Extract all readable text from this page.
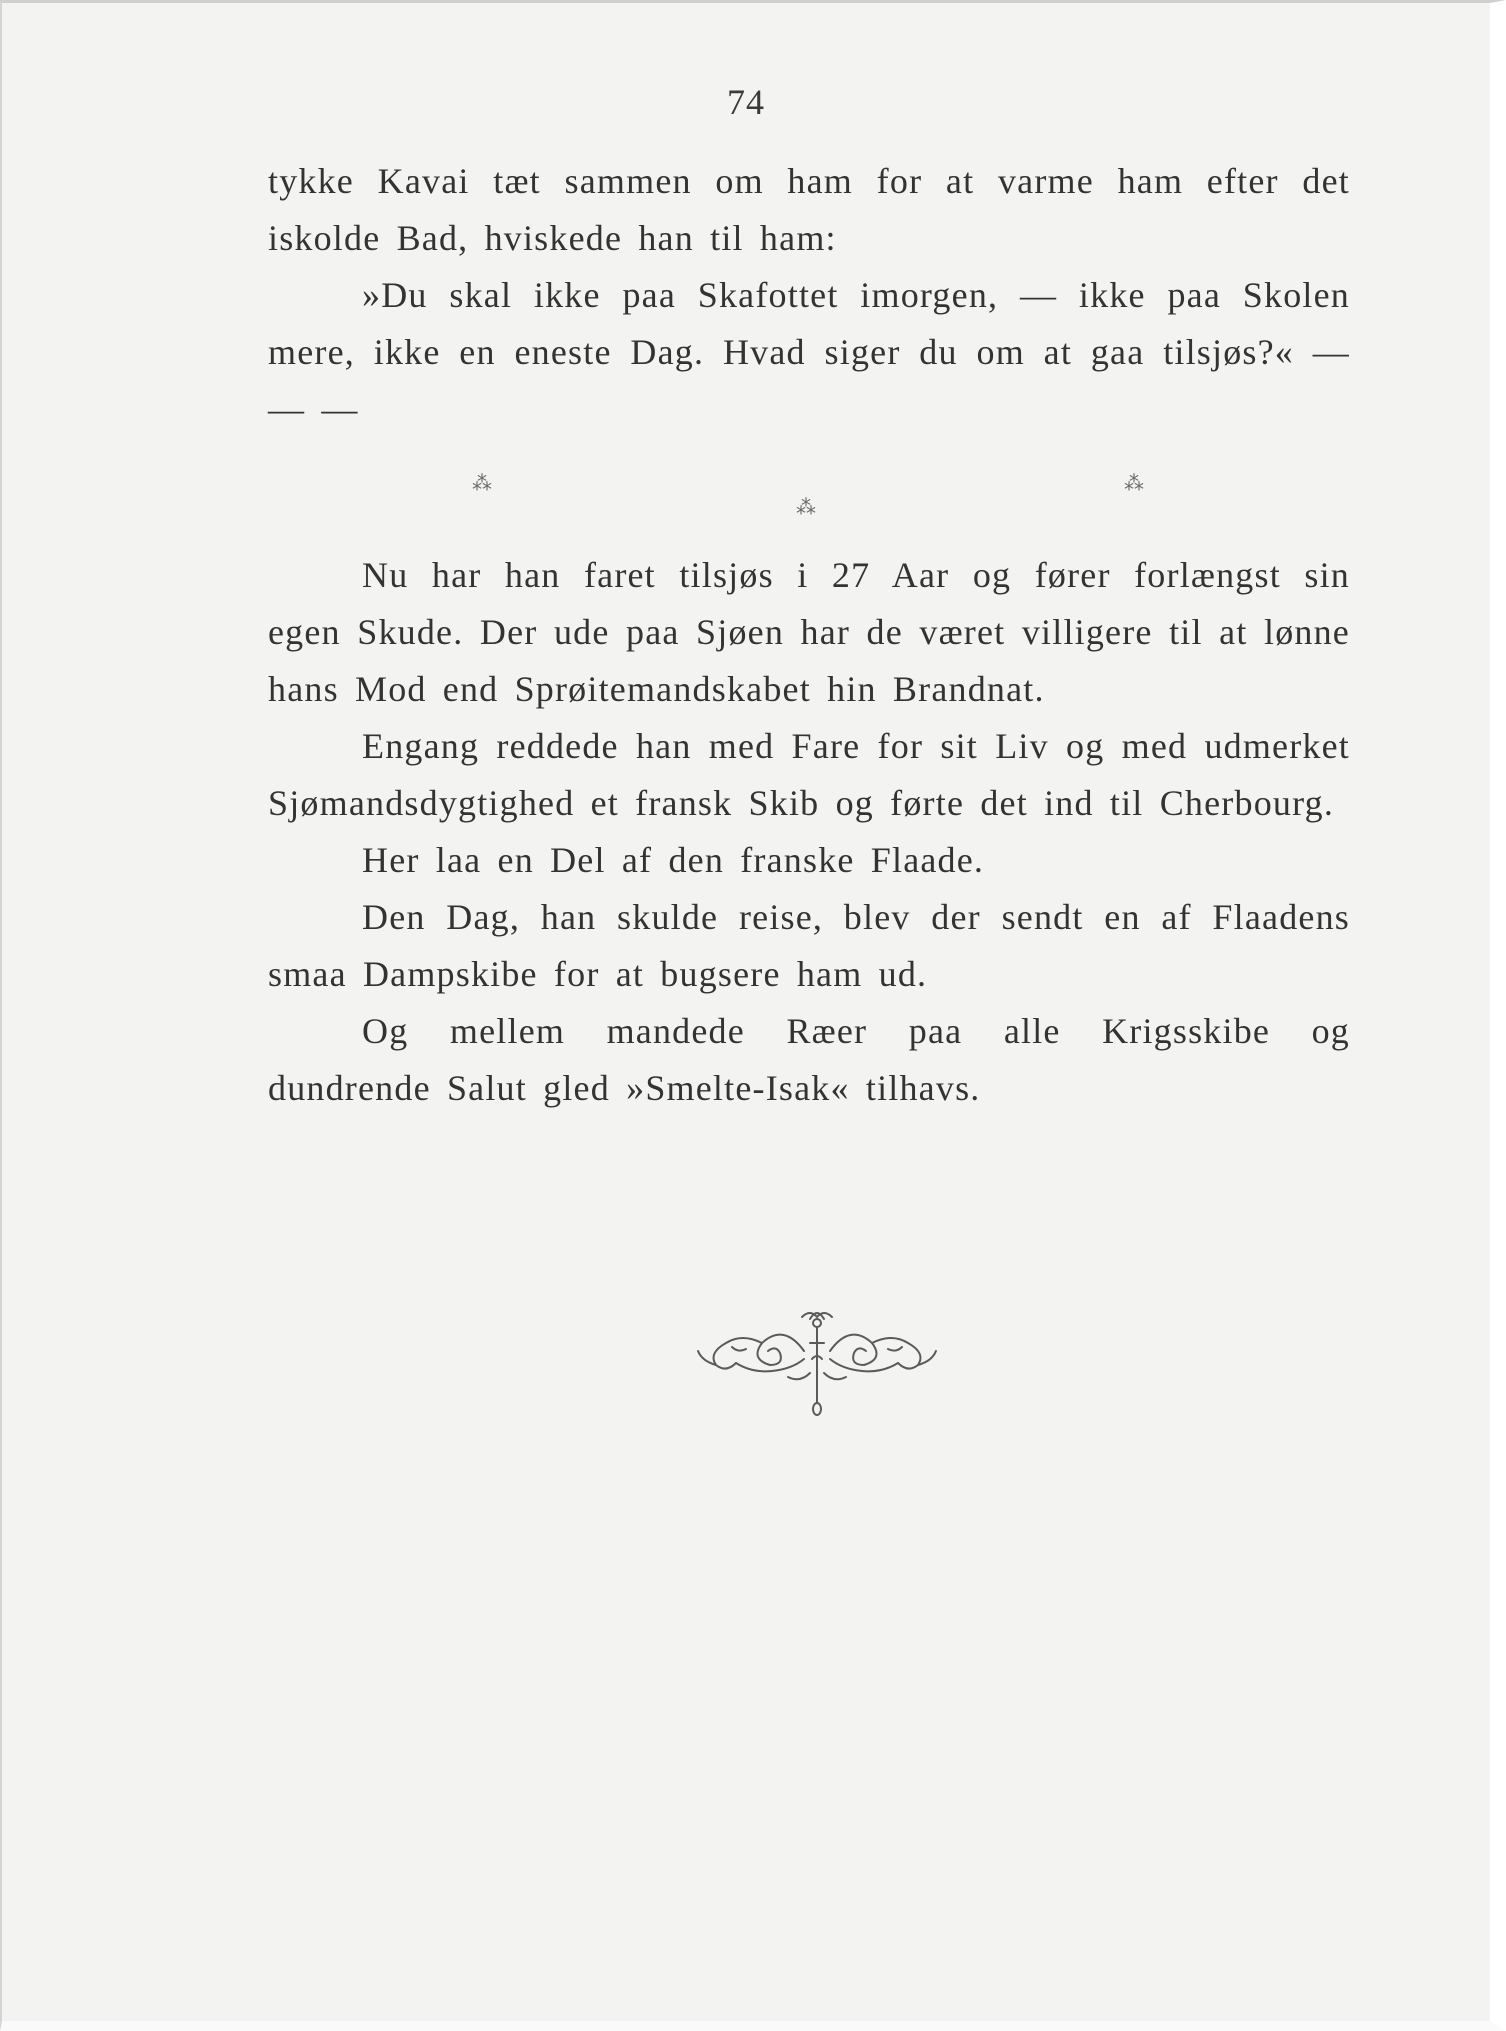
74

tykke Kavai tæt sammen om ham for at varme ham efter det iskolde Bad, hviskede han til ham:

»Du skal ikke paa Skafottet imorgen, — ikke paa Skolen mere, ikke en eneste Dag. Hvad siger du om at gaa tilsjøs?« — — —

⁂
⁂
⁂

Nu har han faret tilsjøs i 27 Aar og fører forlængst sin egen Skude. Der ude paa Sjøen har de været villigere til at lønne hans Mod end Sprøitemandskabet hin Brandnat.

Engang reddede han med Fare for sit Liv og med udmerket Sjømandsdygtighed et fransk Skib og førte det ind til Cherbourg.

Her laa en Del af den franske Flaade.

Den Dag, han skulde reise, blev der sendt en af Flaadens smaa Dampskibe for at bugsere ham ud.

Og mellem mandede Ræer paa alle Krigsskibe og dundrende Salut gled »Smelte-Isak« tilhavs.
